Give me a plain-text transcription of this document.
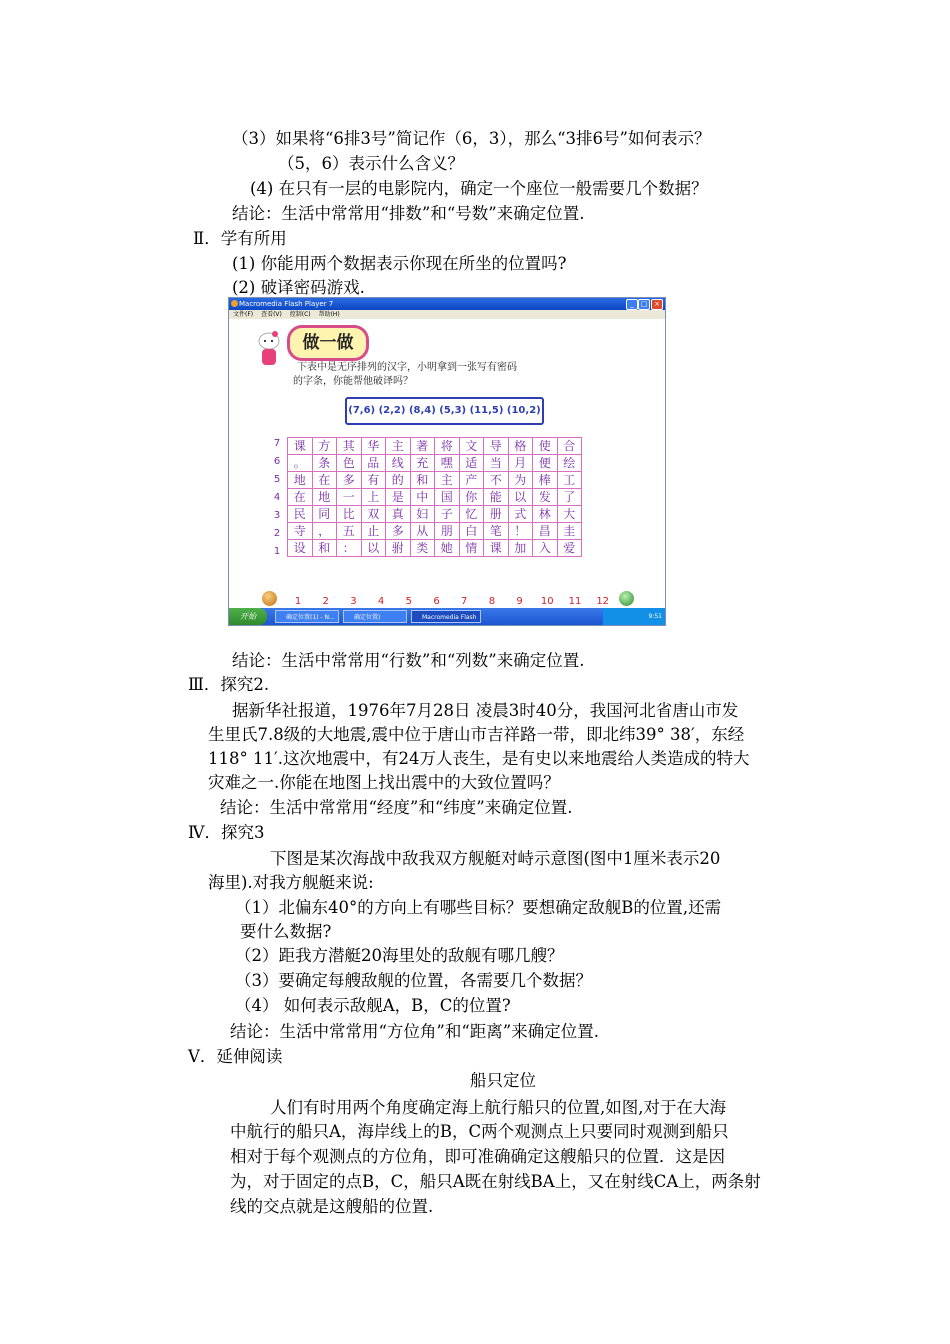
（3）如果将“6排3号”简记作（6，3），那么“3排6号”如何表示？
（5，6）表示什么含义？
(4) 在只有一层的电影院内，确定一个座位一般需要几个数据？
结论：生活中常常用“排数”和“号数”来确定位置.
Ⅱ．学有所用
(1) 你能用两个数据表示你现在所坐的位置吗?
(2) 破译密码游戏.
Macromedia Flash Player 7	_ □ ×
文件(F) 查看(V) 控制(C) 帮助(H)
做一做
下表中是无序排列的汉字，小明拿到一张写有密码
的字条，你能帮他破译吗？
(7,6) (2,2) (8,4) (5,3) (11,5) (10,2)
7
6
5
4
3
2
1
课	方	其	华	主	著	将	文	导	格	使	合
。	条	色	品	线	充	嘿	适	当	月	便	绘
地	在	多	有	的	和	主	产	不	为	棒	工
在	地	一	上	是	中	国	你	能	以	发	了
民	同	比	双	真	妇	子	忆	册	式	林	大
寺	，	五	止	多	从	朋	白	笔	！	昌	圭
设	和	：	以	驸	类	她	情	课	加	入	爱
1	2	3	4	5	6	7	8	9	10	11	12
开始	确定位置(1) - N...	确定位置)	Macromedia Flash ...
9:51
结论：生活中常常用“行数”和“列数”来确定位置.
Ⅲ．探究2.
据新华社报道，1976年7月28日 凌晨3时40分，我国河北省唐山市发
生里氏7.8级的大地震,震中位于唐山市吉祥路一带，即北纬39° 38′，东经
118° 11′.这次地震中，有24万人丧生，是有史以来地震给人类造成的特大
灾难之一.你能在地图上找出震中的大致位置吗？
结论：生活中常常用“经度”和“纬度”来确定位置.
Ⅳ．探究3
下图是某次海战中敌我双方舰艇对峙示意图(图中1厘米表示20
海里).对我方舰艇来说:
（1）北偏东40°的方向上有哪些目标？要想确定敌舰B的位置,还需
要什么数据?
（2）距我方潜艇20海里处的敌舰有哪几艘？
（3）要确定每艘敌舰的位置，各需要几个数据？
（4） 如何表示敌舰A，B，C的位置?
结论：生活中常常用“方位角”和“距离”来确定位置.
Ⅴ．延伸阅读
船只定位
人们有时用两个角度确定海上航行船只的位置,如图,对于在大海
中航行的船只A，海岸线上的B，C两个观测点上只要同时观测到船只
相对于每个观测点的方位角，即可准确确定这艘船只的位置．这是因
为，对于固定的点B，C，船只A既在射线BA上，又在射线CA上，两条射
线的交点就是这艘船的位置.
